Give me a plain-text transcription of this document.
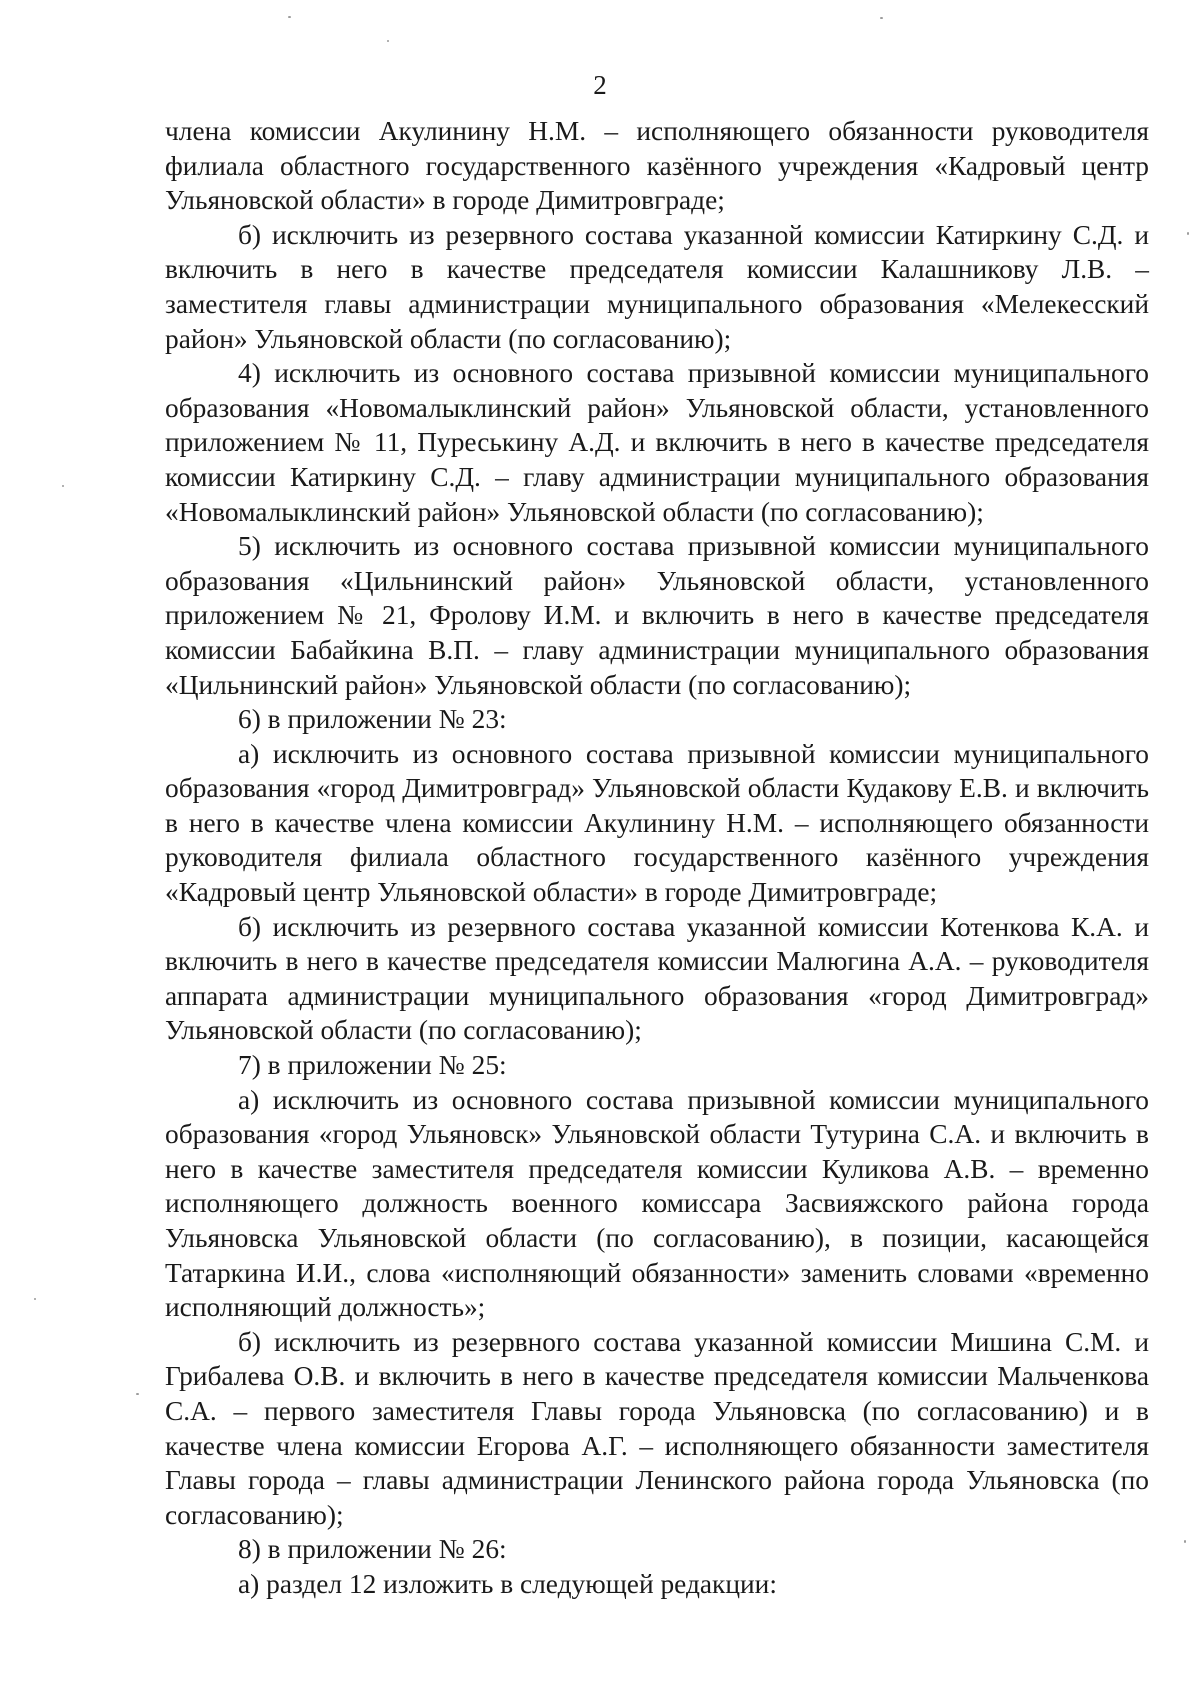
2

члена комиссии Акулинину Н.М. – исполняющего обязанности руководителя филиала областного государственного казённого учреждения «Кадровый центр Ульяновской области» в городе Димитровграде;

б) исключить из резервного состава указанной комиссии Катиркину С.Д. и включить в него в качестве председателя комиссии Калашникову Л.В. – заместителя главы администрации муниципального образования «Мелекесский район» Ульяновской области (по согласованию);

4) исключить из основного состава призывной комиссии муниципального образования «Новомалыклинский район» Ульяновской области, установленного приложением № 11, Пуреськину А.Д. и включить в него в качестве председателя комиссии Катиркину С.Д. – главу администрации муниципального образования «Новомалыклинский район» Ульяновской области (по согласованию);

5) исключить из основного состава призывной комиссии муниципального образования «Цильнинский район» Ульяновской области, установленного приложением № 21, Фролову И.М. и включить в него в качестве председателя комиссии Бабайкина В.П. – главу администрации муниципального образования «Цильнинский район» Ульяновской области (по согласованию);

6) в приложении № 23:

а) исключить из основного состава призывной комиссии муниципального образования «город Димитровград» Ульяновской области Кудакову Е.В. и включить в него в качестве члена комиссии Акулинину Н.М. – исполняющего обязанности руководителя филиала областного государственного казённого учреждения «Кадровый центр Ульяновской области» в городе Димитровграде;

б) исключить из резервного состава указанной комиссии Котенкова К.А. и включить в него в качестве председателя комиссии Малюгина А.А. – руководителя аппарата администрации муниципального образования «город Димитровград» Ульяновской области (по согласованию);

7) в приложении № 25:

а) исключить из основного состава призывной комиссии муниципального образования «город Ульяновск» Ульяновской области Тутурина С.А. и включить в него в качестве заместителя председателя комиссии Куликова А.В. – временно исполняющего должность военного комиссара Засвияжского района города Ульяновска Ульяновской области (по согласованию), в позиции, касающейся Татаркина И.И., слова «исполняющий обязанности» заменить словами «временно исполняющий должность»;

б) исключить из резервного состава указанной комиссии Мишина С.М. и Грибалева О.В. и включить в него в качестве председателя комиссии Мальченкова С.А. – первого заместителя Главы города Ульяновска (по согласованию) и в качестве члена комиссии Егорова А.Г. – исполняющего обязанности заместителя Главы города – главы администрации Ленинского района города Ульяновска (по согласованию);

8) в приложении № 26:

а) раздел 12 изложить в следующей редакции:
